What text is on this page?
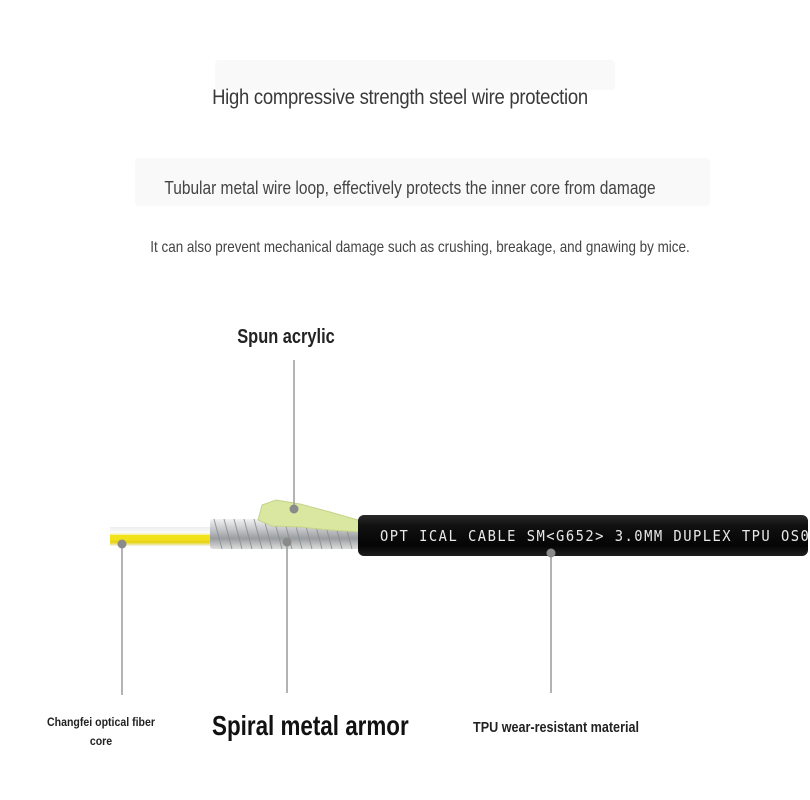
High compressive strength steel wire protection
Tubular metal wire loop, effectively protects the inner core from damage
It can also prevent mechanical damage such as crushing, breakage, and gnawing by mice.
OPT ICAL CABLE SM<G652> 3.0MM DUPLEX TPU OS0
Spun acrylic
Changfei optical fiber core	Spiral metal armor	TPU wear-resistant material
